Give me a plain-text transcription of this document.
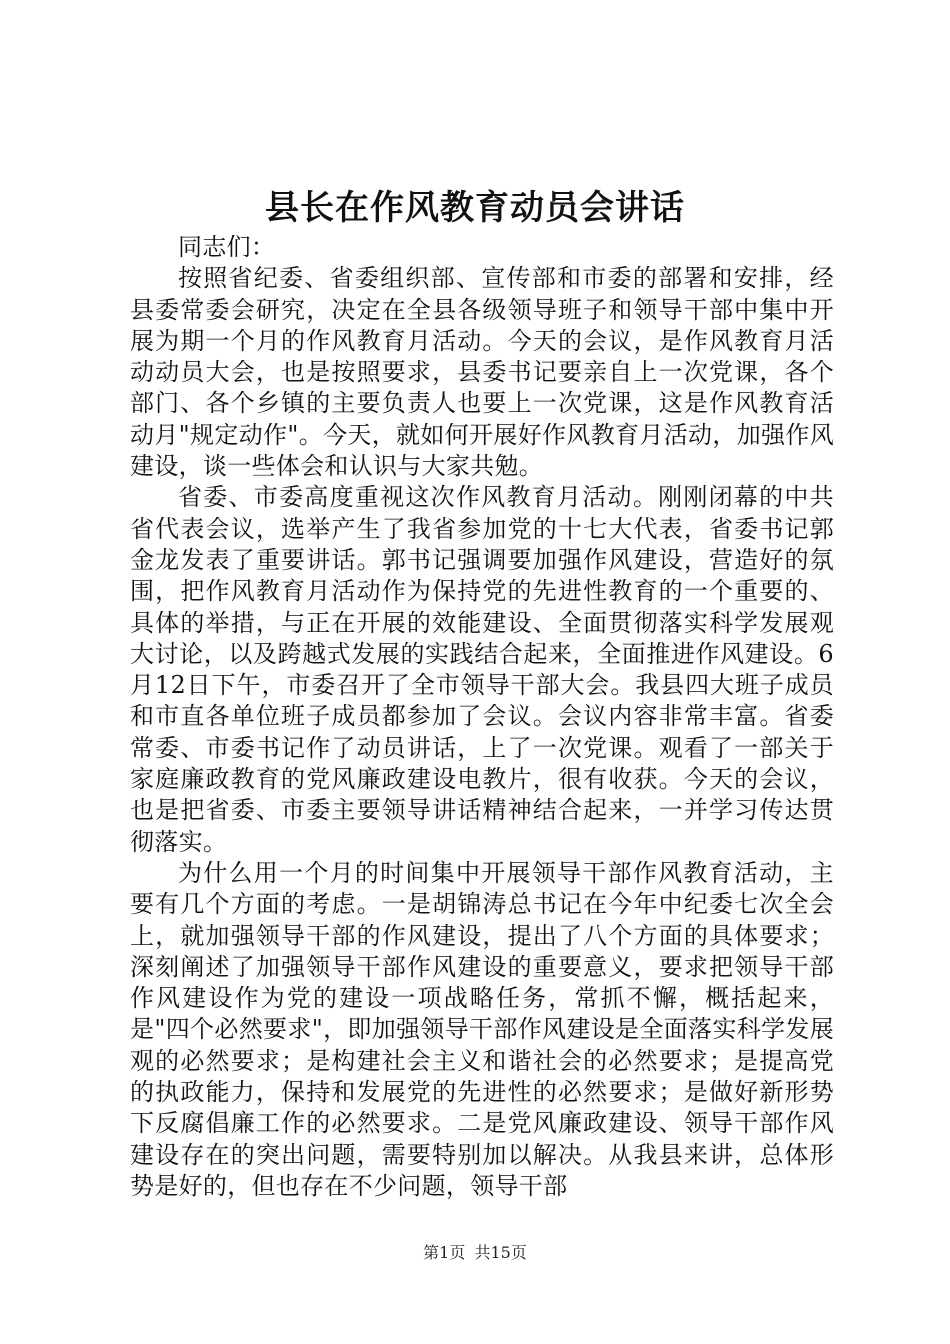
县长在作风教育动员会讲话

同志们：

按照省纪委、省委组织部、宣传部和市委的部署和安排，经县委常委会研究，决定在全县各级领导班子和领导干部中集中开展为期一个月的作风教育月活动。今天的会议，是作风教育月活动动员大会，也是按照要求，县委书记要亲自上一次党课，各个部门、各个乡镇的主要负责人也要上一次党课，这是作风教育活动月"规定动作"。今天，就如何开展好作风教育月活动，加强作风建设，谈一些体会和认识与大家共勉。

省委、市委高度重视这次作风教育月活动。刚刚闭幕的中共省代表会议，选举产生了我省参加党的十七大代表，省委书记郭金龙发表了重要讲话。郭书记强调要加强作风建设，营造好的氛围，把作风教育月活动作为保持党的先进性教育的一个重要的、具体的举措，与正在开展的效能建设、全面贯彻落实科学发展观大讨论，以及跨越式发展的实践结合起来，全面推进作风建设。6月12日下午，市委召开了全市领导干部大会。我县四大班子成员和市直各单位班子成员都参加了会议。会议内容非常丰富。省委常委、市委书记作了动员讲话，上了一次党课。观看了一部关于家庭廉政教育的党风廉政建设电教片，很有收获。今天的会议，也是把省委、市委主要领导讲话精神结合起来，一并学习传达贯彻落实。

为什么用一个月的时间集中开展领导干部作风教育活动，主要有几个方面的考虑。一是胡锦涛总书记在今年中纪委七次全会上，就加强领导干部的作风建设，提出了八个方面的具体要求；深刻阐述了加强领导干部作风建设的重要意义，要求把领导干部作风建设作为党的建设一项战略任务，常抓不懈，概括起来，是"四个必然要求"，即加强领导干部作风建设是全面落实科学发展观的必然要求；是构建社会主义和谐社会的必然要求；是提高党的执政能力，保持和发展党的先进性的必然要求；是做好新形势下反腐倡廉工作的必然要求。二是党风廉政建设、领导干部作风建设存在的突出问题，需要特别加以解决。从我县来讲，总体形势是好的，但也存在不少问题，领导干部

第1页 共15页
